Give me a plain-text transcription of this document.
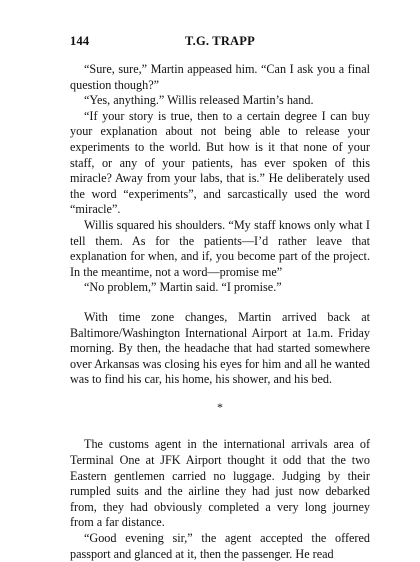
144	T.G. TRAPP

“Sure, sure,” Martin appeased him. “Can I ask you a final question though?”

“Yes, anything.” Willis released Martin’s hand.

“If your story is true, then to a certain degree I can buy your explanation about not being able to release your experiments to the world. But how is it that none of your staff, or any of your patients, has ever spoken of this miracle? Away from your labs, that is.” He deliberately used the word “experiments”, and sarcastically used the word “miracle”.

Willis squared his shoulders. “My staff knows only what I tell them. As for the patients—I’d rather leave that explanation for when, and if, you become part of the project. In the meantime, not a word—promise me”

“No problem,” Martin said. “I promise.”

With time zone changes, Martin arrived back at Baltimore/Washington International Airport at 1a.m. Friday morning. By then, the headache that had started somewhere over Arkansas was closing his eyes for him and all he wanted was to find his car, his home, his shower, and his bed.

*

The customs agent in the international arrivals area of Terminal One at JFK Airport thought it odd that the two Eastern gentlemen carried no luggage. Judging by their rumpled suits and the airline they had just now debarked from, they had obviously completed a very long journey from a far distance.

“Good evening sir,” the agent accepted the offered passport and glanced at it, then the passenger. He read
